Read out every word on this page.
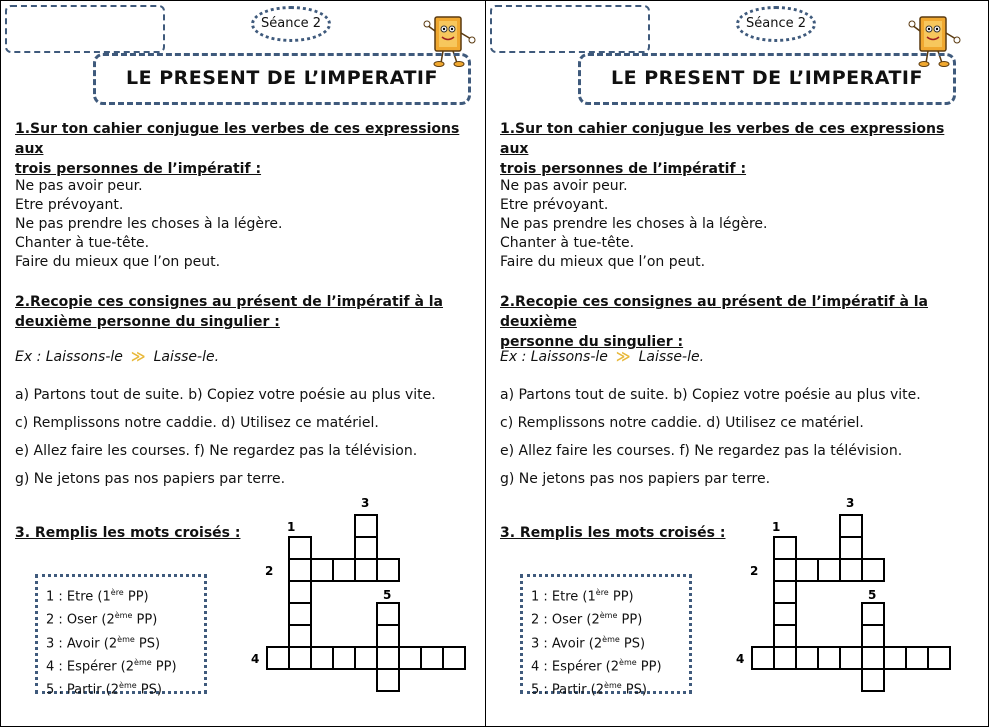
Séance 2
LE PRESENT DE L’IMPERATIF
1.Sur ton cahier conjugue les verbes de ces expressions aux
trois personnes de l’impératif :
Ne pas avoir peur.
Etre prévoyant.
Ne pas prendre les choses à la légère.
Chanter à tue-tête.
Faire du mieux que l’on peut.
2.Recopie ces consignes au présent de l’impératif à la
deuxième personne du singulier :
Ex : Laissons-le ≫ Laisse-le.
a) Partons tout de suite. b) Copiez votre poésie au plus vite.
c) Remplissons notre caddie. d) Utilisez ce matériel.
e) Allez faire les courses. f) Ne regardez pas la télévision.
g) Ne jetons pas nos papiers par terre.
3. Remplis les mots croisés :
1 : Etre (1ère PP)
2 : Oser (2ème PP)
3 : Avoir (2ème PS)
4 : Espérer (2ème PP)
5 : Partir (2ème PS)
1
2
3
4
5
Séance 2
LE PRESENT DE L’IMPERATIF
1.Sur ton cahier conjugue les verbes de ces expressions aux
trois personnes de l’impératif :
Ne pas avoir peur.
Etre prévoyant.
Ne pas prendre les choses à la légère.
Chanter à tue-tête.
Faire du mieux que l’on peut.
2.Recopie ces consignes au présent de l’impératif à la deuxième
personne du singulier :
Ex : Laissons-le ≫ Laisse-le.
a) Partons tout de suite. b) Copiez votre poésie au plus vite.
c) Remplissons notre caddie. d) Utilisez ce matériel.
e) Allez faire les courses. f) Ne regardez pas la télévision.
g) Ne jetons pas nos papiers par terre.
3. Remplis les mots croisés :
1 : Etre (1ère PP)
2 : Oser (2ème PP)
3 : Avoir (2ème PS)
4 : Espérer (2ème PP)
5 : Partir (2ème PS)
1
2
3
4
5
